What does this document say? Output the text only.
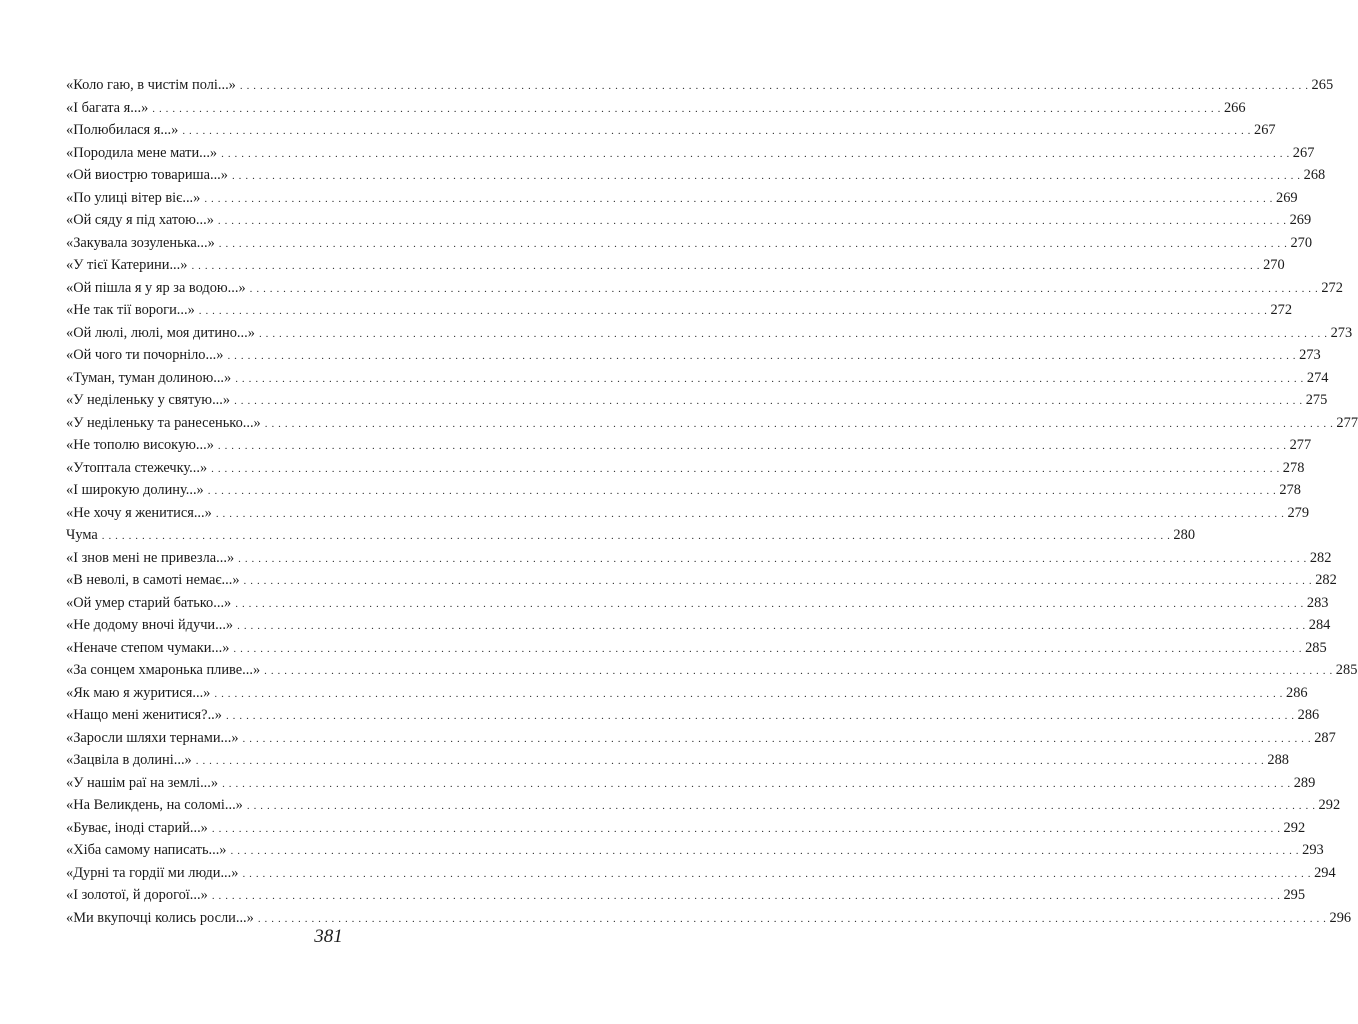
«Коло гаю, в чистім полі...» . . . . . . . . . . . . . . . . . . . . . . . . . . . . . . . . . . . . . . . . . . . . . . . . . . . . . . . . . . . . . . . . . . . . . . . . . . . . . . . . . . . . . . . . . . . . . . . . . . . . . . . . . . . . . . . . . . . . . . . . . . . . . . . . . . . . . . . . . . . . . . . . . . . . . . . . . . . . . . . . 265
«І багата я...» . . . . . . . . . . . . . . . . . . . . . . . . . . . . . . . . . . . . . . . . . . . . . . . . . . . . . . . . . . . . . . . . . . . . . . . . . . . . . . . . . . . . . . . . . . . . . . . . . . . . . . . . . . . . . . . . . . . . . . . . . . . . . . . . . . . . . . . . . . . . . . . . . . . . . . . . . . . . . . . . 266
«Полюбилася я...» . . . . . . . . . . . . . . . . . . . . . . . . . . . . . . . . . . . . . . . . . . . . . . . . . . . . . . . . . . . . . . . . . . . . . . . . . . . . . . . . . . . . . . . . . . . . . . . . . . . . . . . . . . . . . . . . . . . . . . . . . . . . . . . . . . . . . . . . . . . . . . . . . . . . . . . . . . . . . . . . 267
«Породила мене мати...» . . . . . . . . . . . . . . . . . . . . . . . . . . . . . . . . . . . . . . . . . . . . . . . . . . . . . . . . . . . . . . . . . . . . . . . . . . . . . . . . . . . . . . . . . . . . . . . . . . . . . . . . . . . . . . . . . . . . . . . . . . . . . . . . . . . . . . . . . . . . . . . . . . . . . . . . . . . . . . . . 267
«Ой виострю товариша...» . . . . . . . . . . . . . . . . . . . . . . . . . . . . . . . . . . . . . . . . . . . . . . . . . . . . . . . . . . . . . . . . . . . . . . . . . . . . . . . . . . . . . . . . . . . . . . . . . . . . . . . . . . . . . . . . . . . . . . . . . . . . . . . . . . . . . . . . . . . . . . . . . . . . . . . . . . . . . . . . 268
«По улиці вітер віє...» . . . . . . . . . . . . . . . . . . . . . . . . . . . . . . . . . . . . . . . . . . . . . . . . . . . . . . . . . . . . . . . . . . . . . . . . . . . . . . . . . . . . . . . . . . . . . . . . . . . . . . . . . . . . . . . . . . . . . . . . . . . . . . . . . . . . . . . . . . . . . . . . . . . . . . . . . . . . . . . . 269
«Ой сяду я під хатою...» . . . . . . . . . . . . . . . . . . . . . . . . . . . . . . . . . . . . . . . . . . . . . . . . . . . . . . . . . . . . . . . . . . . . . . . . . . . . . . . . . . . . . . . . . . . . . . . . . . . . . . . . . . . . . . . . . . . . . . . . . . . . . . . . . . . . . . . . . . . . . . . . . . . . . . . . . . . . . . . . 269
«Закувала зозуленька...» . . . . . . . . . . . . . . . . . . . . . . . . . . . . . . . . . . . . . . . . . . . . . . . . . . . . . . . . . . . . . . . . . . . . . . . . . . . . . . . . . . . . . . . . . . . . . . . . . . . . . . . . . . . . . . . . . . . . . . . . . . . . . . . . . . . . . . . . . . . . . . . . . . . . . . . . . . . . . . . . 270
«У тієї Катерини...» . . . . . . . . . . . . . . . . . . . . . . . . . . . . . . . . . . . . . . . . . . . . . . . . . . . . . . . . . . . . . . . . . . . . . . . . . . . . . . . . . . . . . . . . . . . . . . . . . . . . . . . . . . . . . . . . . . . . . . . . . . . . . . . . . . . . . . . . . . . . . . . . . . . . . . . . . . . . . . . . 270
«Ой пішла я у яр за водою...» . . . . . . . . . . . . . . . . . . . . . . . . . . . . . . . . . . . . . . . . . . . . . . . . . . . . . . . . . . . . . . . . . . . . . . . . . . . . . . . . . . . . . . . . . . . . . . . . . . . . . . . . . . . . . . . . . . . . . . . . . . . . . . . . . . . . . . . . . . . . . . . . . . . . . . . . . . . . . . . . 272
«Не так тії вороги...» . . . . . . . . . . . . . . . . . . . . . . . . . . . . . . . . . . . . . . . . . . . . . . . . . . . . . . . . . . . . . . . . . . . . . . . . . . . . . . . . . . . . . . . . . . . . . . . . . . . . . . . . . . . . . . . . . . . . . . . . . . . . . . . . . . . . . . . . . . . . . . . . . . . . . . . . . . . . . . . . 272
«Ой люлі, люлі, моя дитино...» . . . . . . . . . . . . . . . . . . . . . . . . . . . . . . . . . . . . . . . . . . . . . . . . . . . . . . . . . . . . . . . . . . . . . . . . . . . . . . . . . . . . . . . . . . . . . . . . . . . . . . . . . . . . . . . . . . . . . . . . . . . . . . . . . . . . . . . . . . . . . . . . . . . . . . . . . . . . . . . . 273
«Ой чого ти почорніло...» . . . . . . . . . . . . . . . . . . . . . . . . . . . . . . . . . . . . . . . . . . . . . . . . . . . . . . . . . . . . . . . . . . . . . . . . . . . . . . . . . . . . . . . . . . . . . . . . . . . . . . . . . . . . . . . . . . . . . . . . . . . . . . . . . . . . . . . . . . . . . . . . . . . . . . . . . . . . . . . . 273
«Туман, туман долиною...» . . . . . . . . . . . . . . . . . . . . . . . . . . . . . . . . . . . . . . . . . . . . . . . . . . . . . . . . . . . . . . . . . . . . . . . . . . . . . . . . . . . . . . . . . . . . . . . . . . . . . . . . . . . . . . . . . . . . . . . . . . . . . . . . . . . . . . . . . . . . . . . . . . . . . . . . . . . . . . . . 274
«У неділеньку у святую...» . . . . . . . . . . . . . . . . . . . . . . . . . . . . . . . . . . . . . . . . . . . . . . . . . . . . . . . . . . . . . . . . . . . . . . . . . . . . . . . . . . . . . . . . . . . . . . . . . . . . . . . . . . . . . . . . . . . . . . . . . . . . . . . . . . . . . . . . . . . . . . . . . . . . . . . . . . . . . . . . 275
«У неділеньку та ранесенько...» . . . . . . . . . . . . . . . . . . . . . . . . . . . . . . . . . . . . . . . . . . . . . . . . . . . . . . . . . . . . . . . . . . . . . . . . . . . . . . . . . . . . . . . . . . . . . . . . . . . . . . . . . . . . . . . . . . . . . . . . . . . . . . . . . . . . . . . . . . . . . . . . . . . . . . . . . . . . . . . . 277
«Не тополю високую...» . . . . . . . . . . . . . . . . . . . . . . . . . . . . . . . . . . . . . . . . . . . . . . . . . . . . . . . . . . . . . . . . . . . . . . . . . . . . . . . . . . . . . . . . . . . . . . . . . . . . . . . . . . . . . . . . . . . . . . . . . . . . . . . . . . . . . . . . . . . . . . . . . . . . . . . . . . . . . . . . 277
«Утоптала стежечку...» . . . . . . . . . . . . . . . . . . . . . . . . . . . . . . . . . . . . . . . . . . . . . . . . . . . . . . . . . . . . . . . . . . . . . . . . . . . . . . . . . . . . . . . . . . . . . . . . . . . . . . . . . . . . . . . . . . . . . . . . . . . . . . . . . . . . . . . . . . . . . . . . . . . . . . . . . . . . . . . . 278
«І широкую долину...» . . . . . . . . . . . . . . . . . . . . . . . . . . . . . . . . . . . . . . . . . . . . . . . . . . . . . . . . . . . . . . . . . . . . . . . . . . . . . . . . . . . . . . . . . . . . . . . . . . . . . . . . . . . . . . . . . . . . . . . . . . . . . . . . . . . . . . . . . . . . . . . . . . . . . . . . . . . . . . . . 278
«Не хочу я женитися...» . . . . . . . . . . . . . . . . . . . . . . . . . . . . . . . . . . . . . . . . . . . . . . . . . . . . . . . . . . . . . . . . . . . . . . . . . . . . . . . . . . . . . . . . . . . . . . . . . . . . . . . . . . . . . . . . . . . . . . . . . . . . . . . . . . . . . . . . . . . . . . . . . . . . . . . . . . . . . . . . 279
Чума . . . . . . . . . . . . . . . . . . . . . . . . . . . . . . . . . . . . . . . . . . . . . . . . . . . . . . . . . . . . . . . . . . . . . . . . . . . . . . . . . . . . . . . . . . . . . . . . . . . . . . . . . . . . . . . . . . . . . . . . . . . . . . . . . . . . . . . . . . . . . . . . . . . . . . . . . . . . . . . . 280
«І знов мені не привезла...» . . . . . . . . . . . . . . . . . . . . . . . . . . . . . . . . . . . . . . . . . . . . . . . . . . . . . . . . . . . . . . . . . . . . . . . . . . . . . . . . . . . . . . . . . . . . . . . . . . . . . . . . . . . . . . . . . . . . . . . . . . . . . . . . . . . . . . . . . . . . . . . . . . . . . . . . . . . . . . . . 282
«В неволі, в самоті немає...» . . . . . . . . . . . . . . . . . . . . . . . . . . . . . . . . . . . . . . . . . . . . . . . . . . . . . . . . . . . . . . . . . . . . . . . . . . . . . . . . . . . . . . . . . . . . . . . . . . . . . . . . . . . . . . . . . . . . . . . . . . . . . . . . . . . . . . . . . . . . . . . . . . . . . . . . . . . . . . . . 282
«Ой умер старий батько...» . . . . . . . . . . . . . . . . . . . . . . . . . . . . . . . . . . . . . . . . . . . . . . . . . . . . . . . . . . . . . . . . . . . . . . . . . . . . . . . . . . . . . . . . . . . . . . . . . . . . . . . . . . . . . . . . . . . . . . . . . . . . . . . . . . . . . . . . . . . . . . . . . . . . . . . . . . . . . . . . 283
«Не додому вночі йдучи...» . . . . . . . . . . . . . . . . . . . . . . . . . . . . . . . . . . . . . . . . . . . . . . . . . . . . . . . . . . . . . . . . . . . . . . . . . . . . . . . . . . . . . . . . . . . . . . . . . . . . . . . . . . . . . . . . . . . . . . . . . . . . . . . . . . . . . . . . . . . . . . . . . . . . . . . . . . . . . . . . 284
«Неначе степом чумаки...» . . . . . . . . . . . . . . . . . . . . . . . . . . . . . . . . . . . . . . . . . . . . . . . . . . . . . . . . . . . . . . . . . . . . . . . . . . . . . . . . . . . . . . . . . . . . . . . . . . . . . . . . . . . . . . . . . . . . . . . . . . . . . . . . . . . . . . . . . . . . . . . . . . . . . . . . . . . . . . . . 285
«За сонцем хмаронька пливе...» . . . . . . . . . . . . . . . . . . . . . . . . . . . . . . . . . . . . . . . . . . . . . . . . . . . . . . . . . . . . . . . . . . . . . . . . . . . . . . . . . . . . . . . . . . . . . . . . . . . . . . . . . . . . . . . . . . . . . . . . . . . . . . . . . . . . . . . . . . . . . . . . . . . . . . . . . . . . . . . . 285
«Як маю я журитися...» . . . . . . . . . . . . . . . . . . . . . . . . . . . . . . . . . . . . . . . . . . . . . . . . . . . . . . . . . . . . . . . . . . . . . . . . . . . . . . . . . . . . . . . . . . . . . . . . . . . . . . . . . . . . . . . . . . . . . . . . . . . . . . . . . . . . . . . . . . . . . . . . . . . . . . . . . . . . . . . . 286
«Нащо мені женитися?..» . . . . . . . . . . . . . . . . . . . . . . . . . . . . . . . . . . . . . . . . . . . . . . . . . . . . . . . . . . . . . . . . . . . . . . . . . . . . . . . . . . . . . . . . . . . . . . . . . . . . . . . . . . . . . . . . . . . . . . . . . . . . . . . . . . . . . . . . . . . . . . . . . . . . . . . . . . . . . . . . 286
«Заросли шляхи тернами...» . . . . . . . . . . . . . . . . . . . . . . . . . . . . . . . . . . . . . . . . . . . . . . . . . . . . . . . . . . . . . . . . . . . . . . . . . . . . . . . . . . . . . . . . . . . . . . . . . . . . . . . . . . . . . . . . . . . . . . . . . . . . . . . . . . . . . . . . . . . . . . . . . . . . . . . . . . . . . . . . 287
«Зацвіла в долині...» . . . . . . . . . . . . . . . . . . . . . . . . . . . . . . . . . . . . . . . . . . . . . . . . . . . . . . . . . . . . . . . . . . . . . . . . . . . . . . . . . . . . . . . . . . . . . . . . . . . . . . . . . . . . . . . . . . . . . . . . . . . . . . . . . . . . . . . . . . . . . . . . . . . . . . . . . . . . . . . . 288
«У нашім раї на землі...» . . . . . . . . . . . . . . . . . . . . . . . . . . . . . . . . . . . . . . . . . . . . . . . . . . . . . . . . . . . . . . . . . . . . . . . . . . . . . . . . . . . . . . . . . . . . . . . . . . . . . . . . . . . . . . . . . . . . . . . . . . . . . . . . . . . . . . . . . . . . . . . . . . . . . . . . . . . . . . . . 289
«На Великдень, на соломі...» . . . . . . . . . . . . . . . . . . . . . . . . . . . . . . . . . . . . . . . . . . . . . . . . . . . . . . . . . . . . . . . . . . . . . . . . . . . . . . . . . . . . . . . . . . . . . . . . . . . . . . . . . . . . . . . . . . . . . . . . . . . . . . . . . . . . . . . . . . . . . . . . . . . . . . . . . . . . . . . . 292
«Буває, іноді старий...» . . . . . . . . . . . . . . . . . . . . . . . . . . . . . . . . . . . . . . . . . . . . . . . . . . . . . . . . . . . . . . . . . . . . . . . . . . . . . . . . . . . . . . . . . . . . . . . . . . . . . . . . . . . . . . . . . . . . . . . . . . . . . . . . . . . . . . . . . . . . . . . . . . . . . . . . . . . . . . . . 292
«Хіба самому написать...» . . . . . . . . . . . . . . . . . . . . . . . . . . . . . . . . . . . . . . . . . . . . . . . . . . . . . . . . . . . . . . . . . . . . . . . . . . . . . . . . . . . . . . . . . . . . . . . . . . . . . . . . . . . . . . . . . . . . . . . . . . . . . . . . . . . . . . . . . . . . . . . . . . . . . . . . . . . . . . . . 293
«Дурні та гордії ми люди...» . . . . . . . . . . . . . . . . . . . . . . . . . . . . . . . . . . . . . . . . . . . . . . . . . . . . . . . . . . . . . . . . . . . . . . . . . . . . . . . . . . . . . . . . . . . . . . . . . . . . . . . . . . . . . . . . . . . . . . . . . . . . . . . . . . . . . . . . . . . . . . . . . . . . . . . . . . . . . . . . 294
«І золотої, й дорогої...» . . . . . . . . . . . . . . . . . . . . . . . . . . . . . . . . . . . . . . . . . . . . . . . . . . . . . . . . . . . . . . . . . . . . . . . . . . . . . . . . . . . . . . . . . . . . . . . . . . . . . . . . . . . . . . . . . . . . . . . . . . . . . . . . . . . . . . . . . . . . . . . . . . . . . . . . . . . . . . . . 295
«Ми вкупочці колись росли...» . . . . . . . . . . . . . . . . . . . . . . . . . . . . . . . . . . . . . . . . . . . . . . . . . . . . . . . . . . . . . . . . . . . . . . . . . . . . . . . . . . . . . . . . . . . . . . . . . . . . . . . . . . . . . . . . . . . . . . . . . . . . . . . . . . . . . . . . . . . . . . . . . . . . . . . . . . . . . . . . 296
381
